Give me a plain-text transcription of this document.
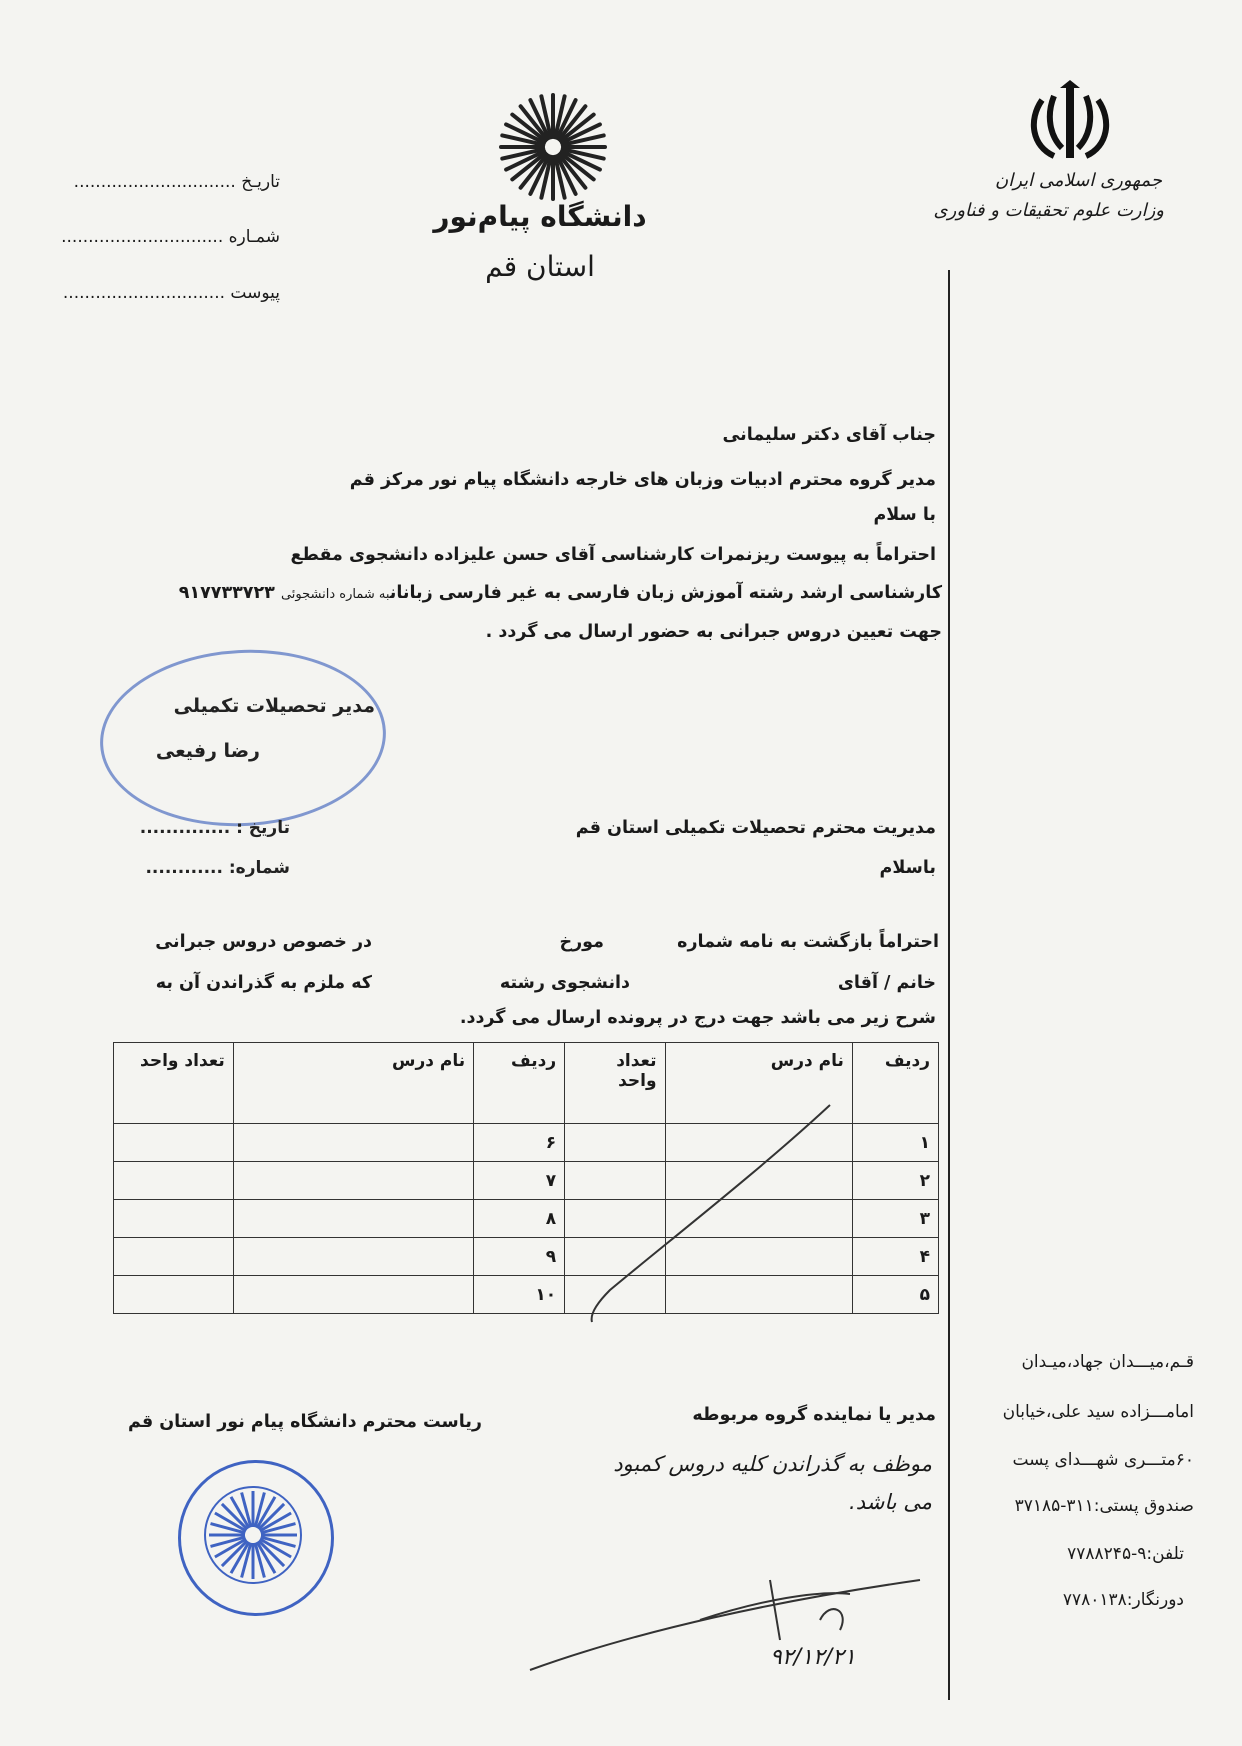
جمهوری اسلامی ایران
وزارت علوم تحقیقات و فناوری
دانشگاه پیام‌نور
استان قم
تاریـخ ..............................
شمـاره ..............................
پیوست ..............................
جناب آقای دکتر سلیمانی
مدیر گروه محترم ادبیات وزبان های خارجه دانشگاه پیام نور مرکز قم
با سلام
احتراماً به پیوست ریزنمرات کارشناسی آقای حسن علیزاده دانشجوی مقطع
کارشناسی ارشد رشته آموزش زبان فارسی به غیر فارسی زبانانبه شماره دانشجوئی ۹۱۷۷۳۳۷۲۳
جهت تعیین دروس جبرانی به حضور ارسال می گردد .
مدیر تحصیلات تکمیلی
رضا رفیعی
تاریخ : ..............
شماره: ............
مدیریت محترم تحصیلات تکمیلی استان قم
باسلام
احتراماً بازگشت به نامه شماره
مورخ
در خصوص دروس جبرانی
خانم / آقای
دانشجوی رشته
که ملزم به گذراندن آن به
شرح زیر می باشد جهت درج در پرونده ارسال می گردد.
ردیف	نام درس	تعداد واحد	ردیف	نام درس	تعداد واحد
۱			۶		
۲			۷		
۳			۸		
۴			۹		
۵			۱۰		
مدیر یا نماینده گروه مربوطه
موظف به گذراندن کلیه دروس کمبود می باشد.
۹۲/۱۲/۲۱
ریاست محترم دانشگاه پیام نور استان قم
قـم،میـــدان جهاد،میـدان
امامـــزاده سید علی،خیابان
۶۰متـــری شهـــدای پست
صندوق پستی:۳۱۱-۳۷۱۸۵
تلفن:۹-۷۷۸۸۲۴۵
دورنگار:۷۷۸۰۱۳۸
